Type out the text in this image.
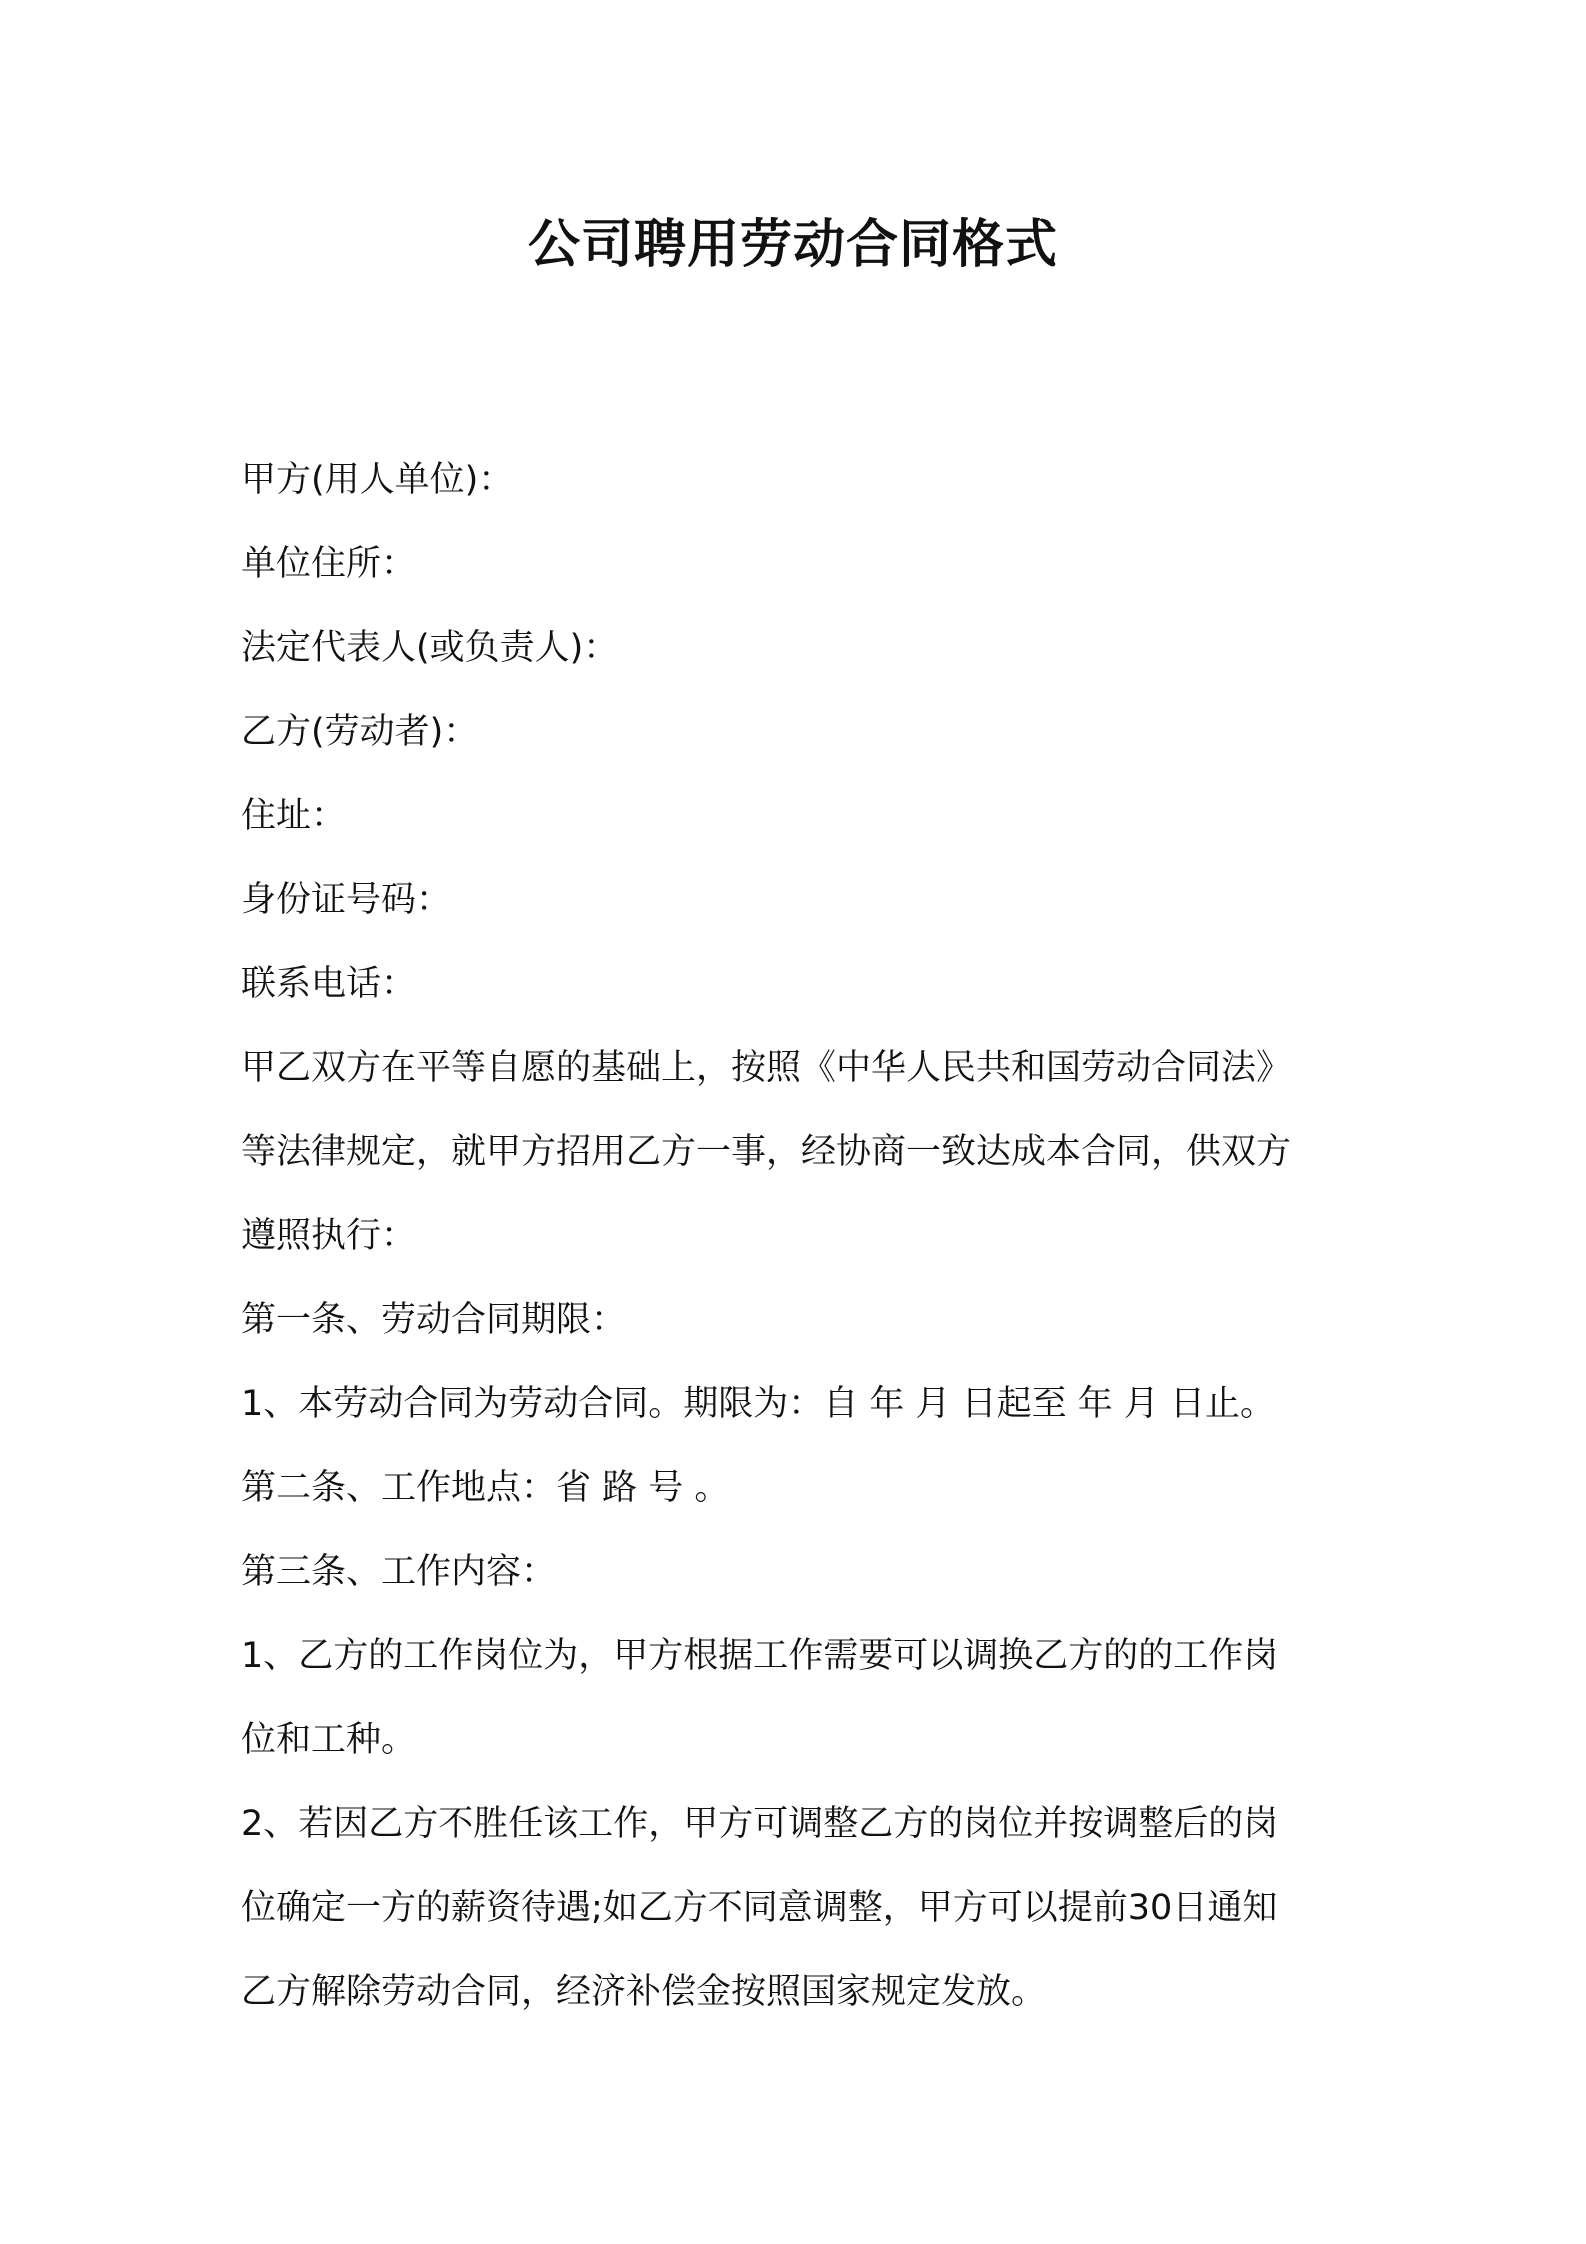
公司聘用劳动合同格式
甲方(用人单位)：
单位住所：
法定代表人(或负责人)：
乙方(劳动者)：
住址：
身份证号码：
联系电话：
甲乙双方在平等自愿的基础上，按照《中华人民共和国劳动合同法》
等法律规定，就甲方招用乙方一事，经协商一致达成本合同，供双方
遵照执行：
第一条、劳动合同期限：
1、本劳动合同为劳动合同。期限为：自 年 月 日起至 年 月 日止。
第二条、工作地点：省 路 号 。
第三条、工作内容：
1、乙方的工作岗位为，甲方根据工作需要可以调换乙方的的工作岗
位和工种。
2、若因乙方不胜任该工作，甲方可调整乙方的岗位并按调整后的岗
位确定一方的薪资待遇;如乙方不同意调整，甲方可以提前30日通知
乙方解除劳动合同，经济补偿金按照国家规定发放。
